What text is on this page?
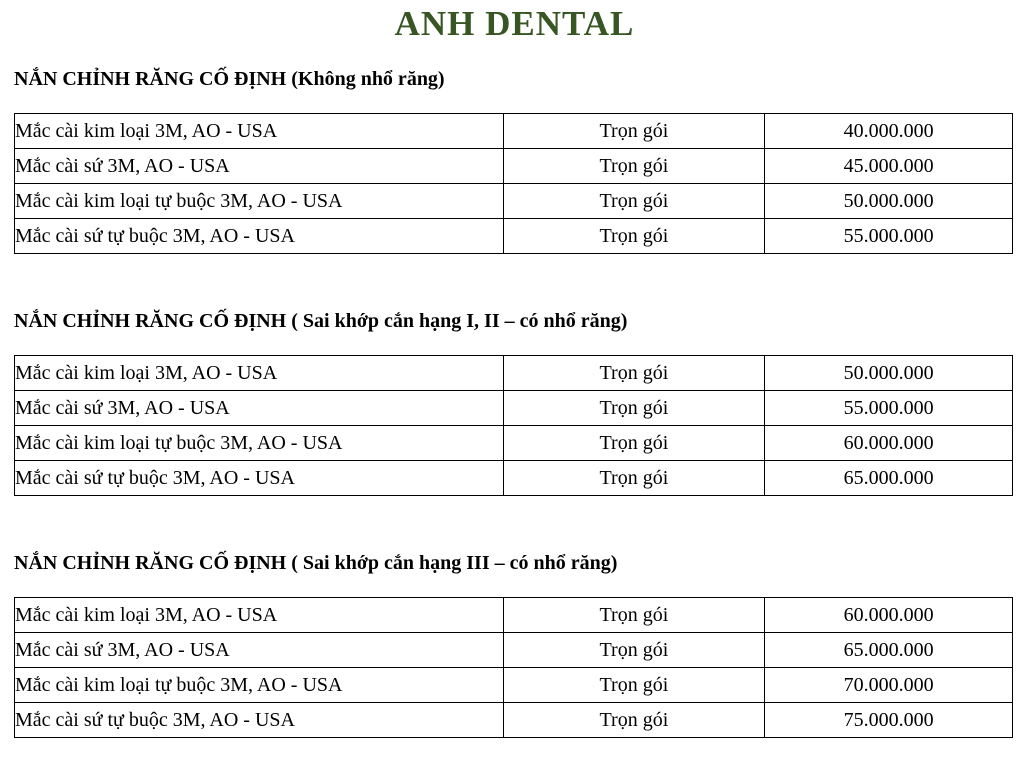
ANH DENTAL
NẮN CHỈNH RĂNG CỐ ĐỊNH (Không nhổ răng)
Mắc cài kim loại 3M, AO - USA	Trọn gói	40.000.000
Mắc cài sứ 3M, AO - USA	Trọn gói	45.000.000
Mắc cài kim loại tự buộc 3M, AO - USA	Trọn gói	50.000.000
Mắc cài sứ tự buộc 3M, AO - USA	Trọn gói	55.000.000
NẮN CHỈNH RĂNG CỐ ĐỊNH ( Sai khớp cắn hạng I, II – có nhổ răng)
Mắc cài kim loại 3M, AO - USA	Trọn gói	50.000.000
Mắc cài sứ 3M, AO - USA	Trọn gói	55.000.000
Mắc cài kim loại tự buộc 3M, AO - USA	Trọn gói	60.000.000
Mắc cài sứ tự buộc 3M, AO - USA	Trọn gói	65.000.000
NẮN CHỈNH RĂNG CỐ ĐỊNH ( Sai khớp cắn hạng III – có nhổ răng)
Mắc cài kim loại 3M, AO - USA	Trọn gói	60.000.000
Mắc cài sứ 3M, AO - USA	Trọn gói	65.000.000
Mắc cài kim loại tự buộc 3M, AO - USA	Trọn gói	70.000.000
Mắc cài sứ tự buộc 3M, AO - USA	Trọn gói	75.000.000
